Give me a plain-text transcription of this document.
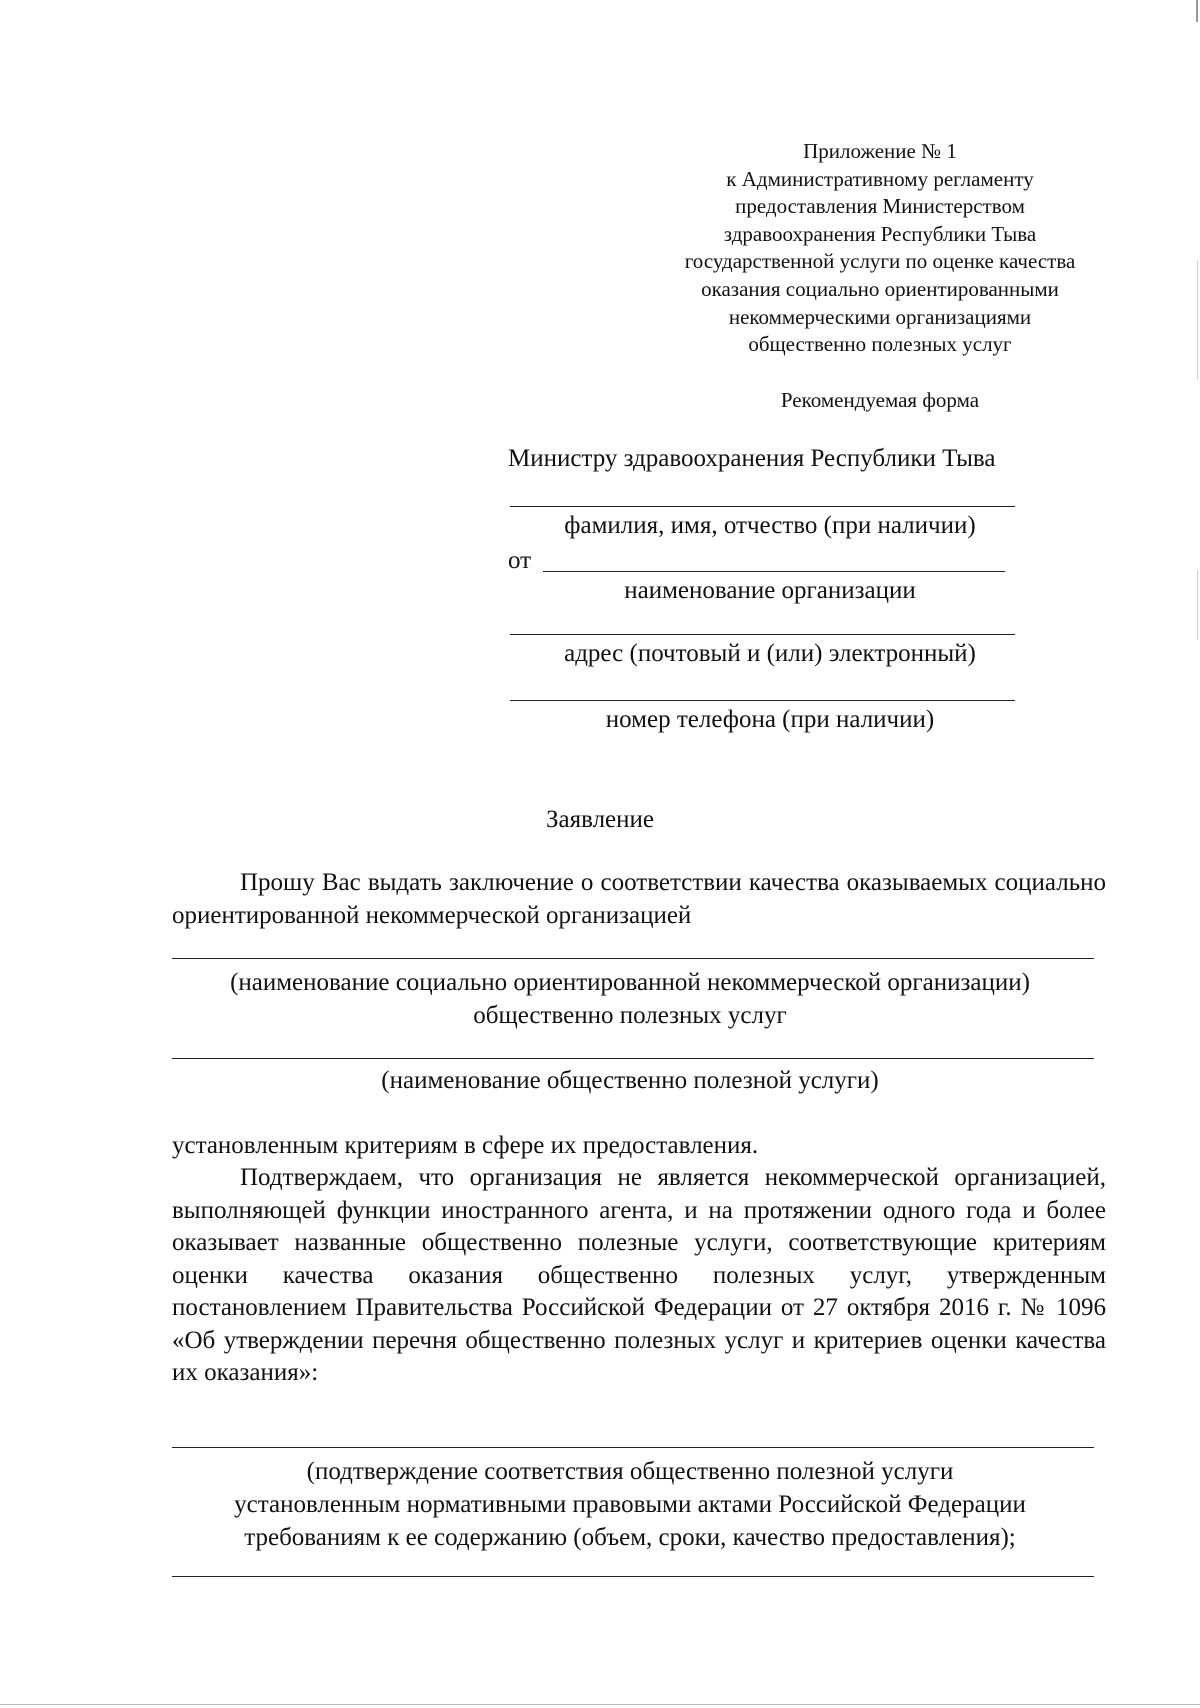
Приложение № 1
к Административному регламенту
предоставления Министерством
здравоохранения Республики Тыва
государственной услуги по оценке качества
оказания социально ориентированными
некоммерческими организациями
общественно полезных услуг
Рекомендуемая форма
Министру здравоохранения Республики Тыва
фамилия, имя, отчество (при наличии)
от
наименование организации
адрес (почтовый и (или) электронный)
номер телефона (при наличии)
Заявление
Прошу Вас выдать заключение о соответствии качества оказываемых социально ориентированной некоммерческой организацией
(наименование социально ориентированной некоммерческой организации)
общественно полезных услуг
(наименование общественно полезной услуги)
установленным критериям в сфере их предоставления.
Подтверждаем, что организация не является некоммерческой организацией, выполняющей функции иностранного агента, и на протяжении одного года и более оказывает названные общественно полезные услуги, соответствующие критериям оценки качества оказания общественно полезных услуг, утвержденным постановлением Правительства Российской Федерации от 27 октября 2016 г. № 1096 «Об утверждении перечня общественно полезных услуг и критериев оценки качества их оказания»:
(подтверждение соответствия общественно полезной услуги
установленным нормативными правовыми актами Российской Федерации
требованиям к ее содержанию (объем, сроки, качество предоставления);
